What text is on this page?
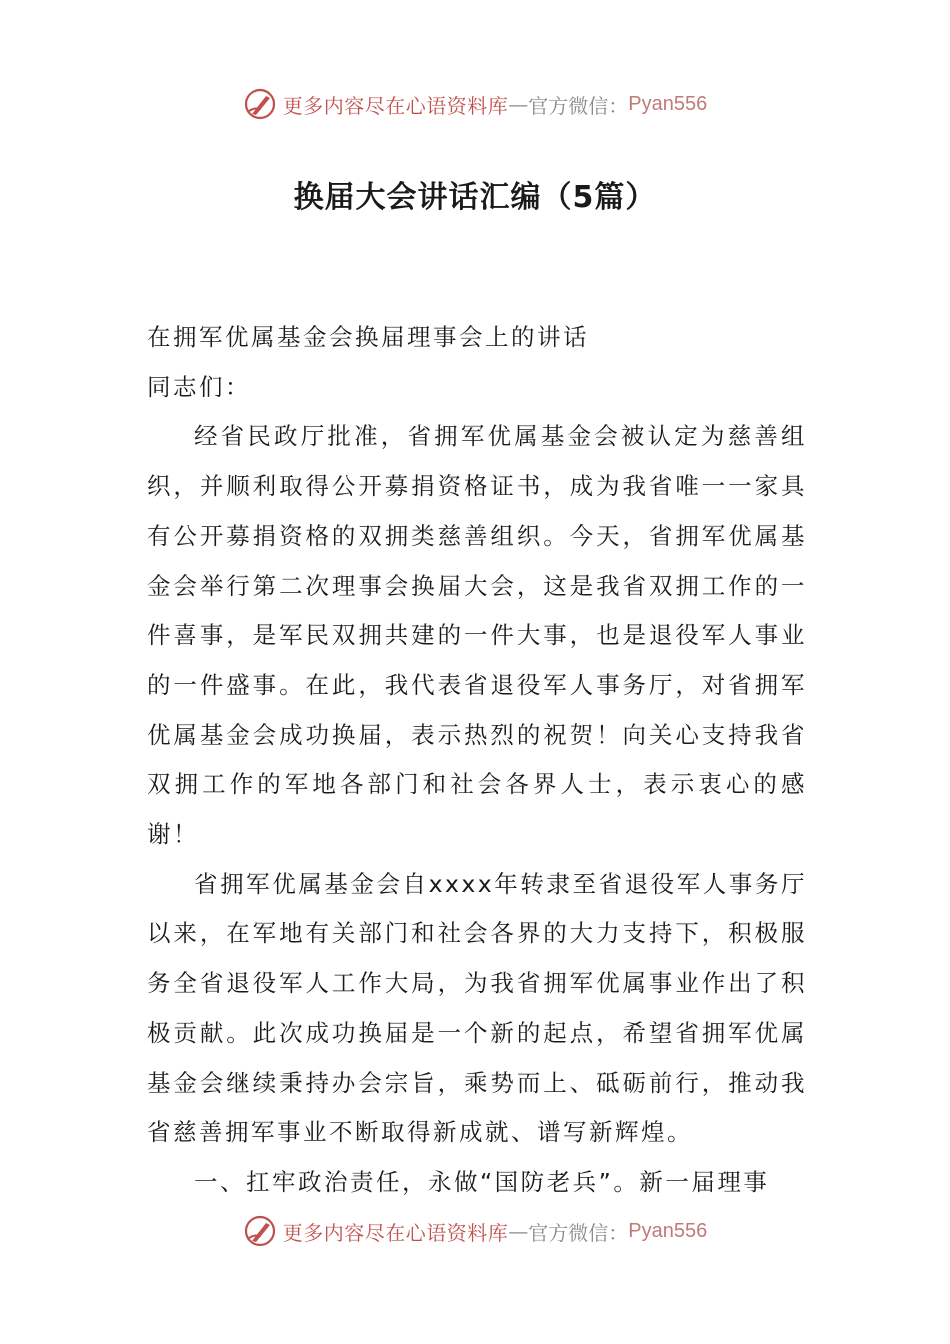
更多内容尽在心语资料库 — 官方微信： Pyan556
换届大会讲话汇编（5篇）

在拥军优属基金会换届理事会上的讲话

同志们：

经省民政厅批准，省拥军优属基金会被认定为慈善组织，并顺利取得公开募捐资格证书，成为我省唯一一家具有公开募捐资格的双拥类慈善组织。今天，省拥军优属基金会举行第二次理事会换届大会，这是我省双拥工作的一件喜事，是军民双拥共建的一件大事，也是退役军人事业的一件盛事。在此，我代表省退役军人事务厅，对省拥军优属基金会成功换届，表示热烈的祝贺！向关心支持我省双拥工作的军地各部门和社会各界人士，表示衷心的感谢！

省拥军优属基金会自xxxx年转隶至省退役军人事务厅以来，在军地有关部门和社会各界的大力支持下，积极服务全省退役军人工作大局，为我省拥军优属事业作出了积极贡献。此次成功换届是一个新的起点，希望省拥军优属基金会继续秉持办会宗旨，乘势而上、砥砺前行，推动我省慈善拥军事业不断取得新成就、谱写新辉煌。

一、扛牢政治责任，永做“国防老兵”。新一届理事

更多内容尽在心语资料库 — 官方微信： Pyan556
